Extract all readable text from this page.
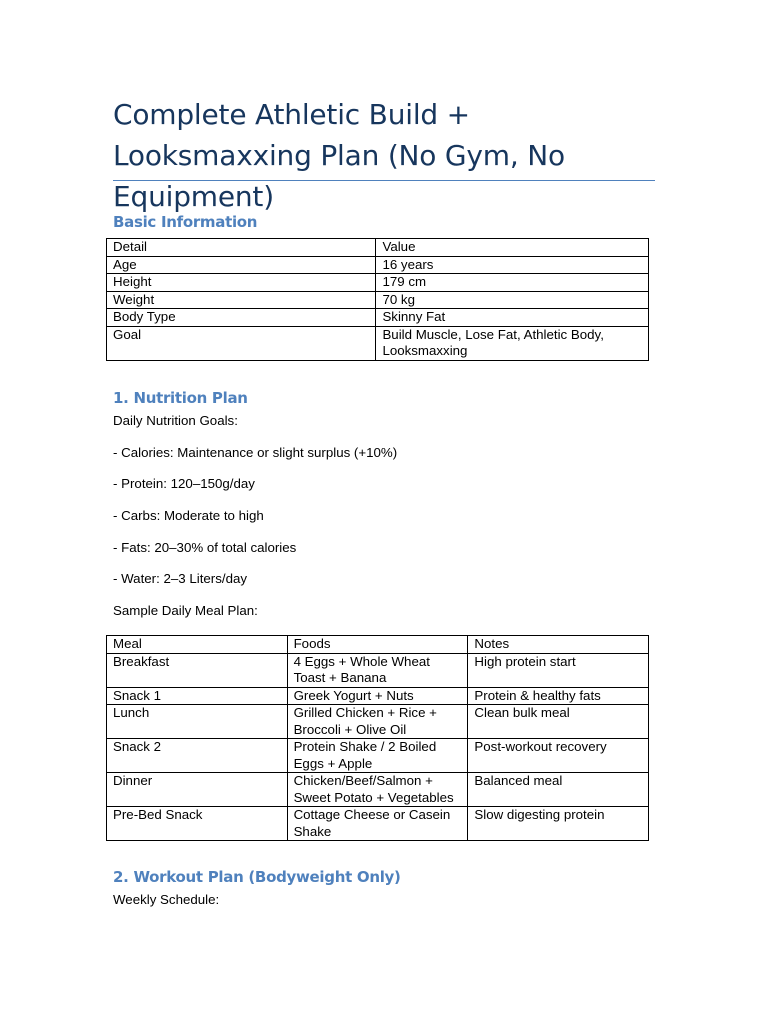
Complete Athletic Build + Looksmaxxing Plan (No Gym, No Equipment)
Basic Information
Detail	Value
Age	16 years
Height	179 cm
Weight	70 kg
Body Type	Skinny Fat
Goal	Build Muscle, Lose Fat, Athletic Body, Looksmaxxing
1. Nutrition Plan

Daily Nutrition Goals:

- Calories: Maintenance or slight surplus (+10%)

- Protein: 120–150g/day

- Carbs: Moderate to high

- Fats: 20–30% of total calories

- Water: 2–3 Liters/day

Sample Daily Meal Plan:

Meal	Foods	Notes
Breakfast	4 Eggs + Whole Wheat Toast + Banana	High protein start
Snack 1	Greek Yogurt + Nuts	Protein & healthy fats
Lunch	Grilled Chicken + Rice + Broccoli + Olive Oil	Clean bulk meal
Snack 2	Protein Shake / 2 Boiled Eggs + Apple	Post-workout recovery
Dinner	Chicken/Beef/Salmon + Sweet Potato + Vegetables	Balanced meal
Pre-Bed Snack	Cottage Cheese or Casein Shake	Slow digesting protein
2. Workout Plan (Bodyweight Only)

Weekly Schedule:
